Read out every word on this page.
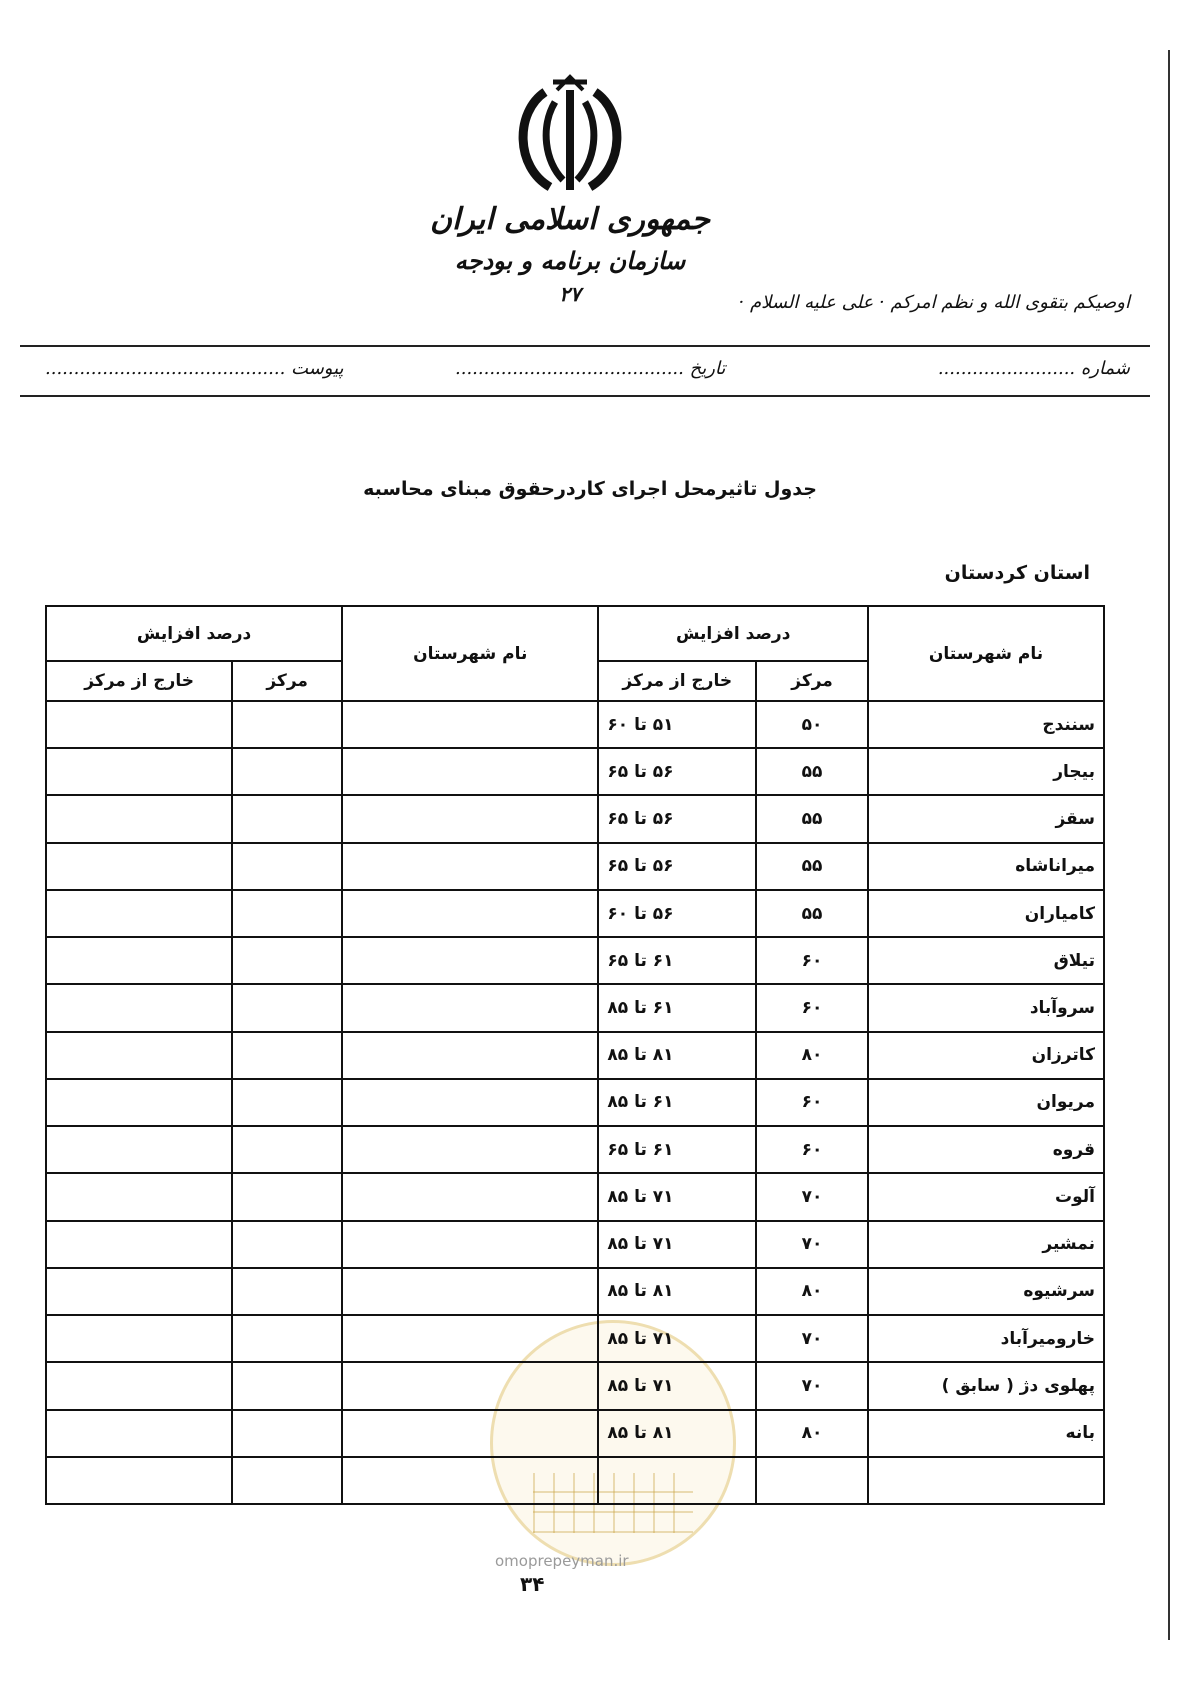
جمهوری اسلامی ایران
سازمان برنامه و بودجه
۲۷	اوصیکم بتقوی الله و نظم امرکم · علی علیه السلام ·
شماره ........................
تاریخ ........................................
پیوست ..........................................
جدول تاثیرمحل اجرای کاردرحقوق مبنای محاسبه
استان کردستان
نام شهرستان	درصد افزایش		نام شهرستان	درصد افزایش	
	مرکز	خارج از مرکز		مرکز	خارج از مرکز
سنندج	۵۰	۵۱ تا ۶۰			
بیجار	۵۵	۵۶ تا ۶۵			
سقز	۵۵	۵۶ تا ۶۵			
میراناشاه	۵۵	۵۶ تا ۶۵			
کامیاران	۵۵	۵۶ تا ۶۰			
تیلاق	۶۰	۶۱ تا ۶۵			
سروآباد	۶۰	۶۱ تا ۸۵			
کاترزان	۸۰	۸۱ تا ۸۵			
مریوان	۶۰	۶۱ تا ۸۵			
قروه	۶۰	۶۱ تا ۶۵			
آلوت	۷۰	۷۱ تا ۸۵			
نمشیر	۷۰	۷۱ تا ۸۵			
سرشیوه	۸۰	۸۱ تا ۸۵			
خارومیرآباد	۷۰	۷۱ تا ۸۵			
پهلوی دژ ( سابق )	۷۰	۷۱ تا ۸۵			
بانه	۸۰	۸۱ تا ۸۵			

omoprepeyman.ir
۳۴
